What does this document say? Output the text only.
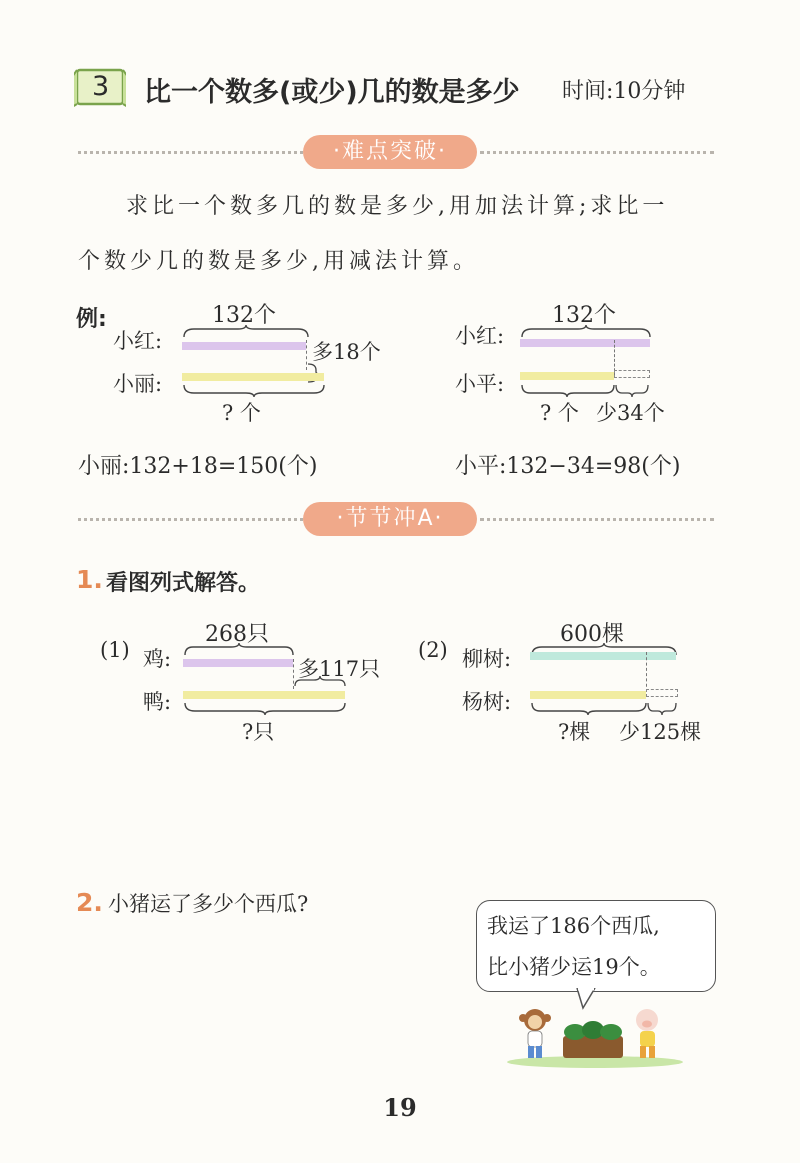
3 比一个数多(或少)几的数是多少 时间:10分钟
·难点突破·
求比一个数多几的数是多少,用加法计算;求比一
个数少几的数是多少,用减法计算。
例:	132个
小红:	多18个
小丽:
? 个
132个
小红:
小平:
? 个 少34个
小丽:132+18=150(个)	小平:132−34=98(个)
·节节冲A·
1. 看图列式解答。
(1) 鸡:
268只
多117只
鸭:
?只
(2) 柳树:
600棵
杨树:
?棵 少125棵
2. 小猪运了多少个西瓜?
我运了186个西瓜,
比小猪少运19个。
19
